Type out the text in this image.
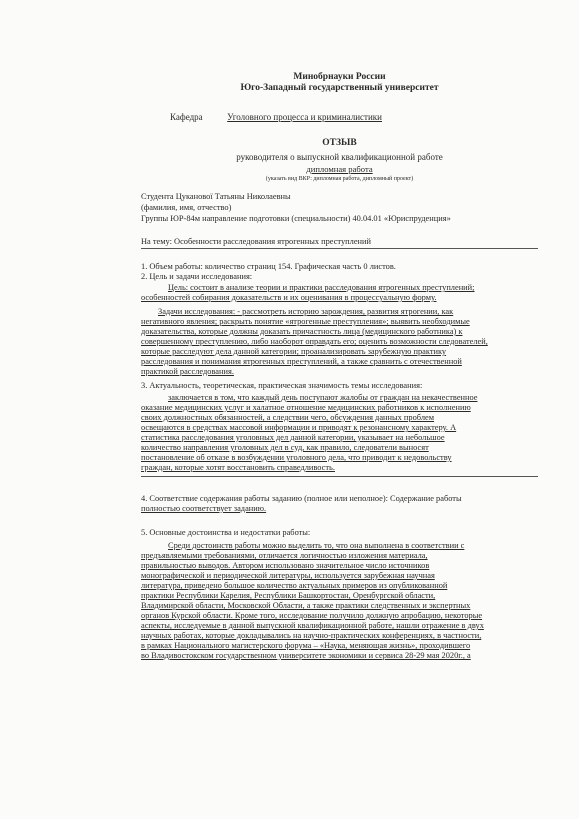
Минобрнауки России
Юго-Западный государственный университет
Кафедра	Уголовного процесса и криминалистики
ОТЗЫВ
руководителя о выпускной квалификационной работе
дипломная работа
(указать вид ВКР: дипломная работа, дипломный проект)
Студента Цуканової Татьяны Николаевны
(фамилия, имя, отчество)
Группы ЮР-84м направление подготовки (специальности) 40.04.01 «Юриспруденция»
На тему: Особенности расследования ятрогенных преступлений
1. Объем работы: количество страниц 154. Графическая часть 0 листов.
2. Цель и задачи исследования:
Цель: состоит в анализе теории и практики расследования ятрогенных преступлений;
особенностей собирания доказательств и их оценивания в процессуальную форму.
Задачи исследования: - рассмотреть историю зарождения, развития ятрогении, как
негативного явления; раскрыть понятие «ятрогенные преступления»; выявить необходимые
доказательства, которые должны доказать причастность лица (медицинского работника) к
совершенному преступлению, либо наоборот оправдать его; оценить возможности следователей,
которые расследуют дела данной категории; проанализировать зарубежную практику
расследования и понимания ятрогенных преступлений, а также сравнить с отечественной
практикой расследования.
3. Актуальность, теоретическая, практическая значимость темы исследования:
заключается в том, что каждый день поступают жалобы от граждан на некачественное
оказание медицинских услуг и халатное отношение медицинских работников к исполнению
своих должностных обязанностей, а следствии чего, обсуждения данных проблем
освещаются в средствах массовой информации и приводят к резонансному характеру. А
статистика расследования уголовных дел данной категории, указывает на небольшое
количество направления уголовных дел в суд, как правило, следователи выносят
постановление об отказе в возбуждении уголовного дела, что приводит к недовольству
граждан, которые хотят восстановить справедливость.
4. Соответствие содержания работы заданию (полное или неполное): Содержание работы
полностью соответствует заданию.
5. Основные достоинства и недостатки работы:
Среди достоинств работы можно выделить то, что она выполнена в соответствии с
предъявляемыми требованиями, отличается логичностью изложения материала,
правильностью выводов. Автором использовано значительное число источников
монографической и периодической литературы, используется зарубежная научная
литература, приведено большое количество актуальных примеров из опубликованной
практики Республики Карелия, Республики Башкортостан, Оренбургской области,
Владимирской области, Московской Области, а также практики следственных и экспертных
органов Курской области. Кроме того, исследование получило должную апробацию, некоторые
аспекты, исследуемые в данной выпускной квалификационной работе, нашли отражение в двух
научных работах, которые докладывались на научно-практических конференциях, в частности,
в рамках Национального магистерского форума – «Наука, меняющая жизнь», проходившего
во Владивостокском государственном университете экономики и сервиса 28-29 мая 2020г., а
